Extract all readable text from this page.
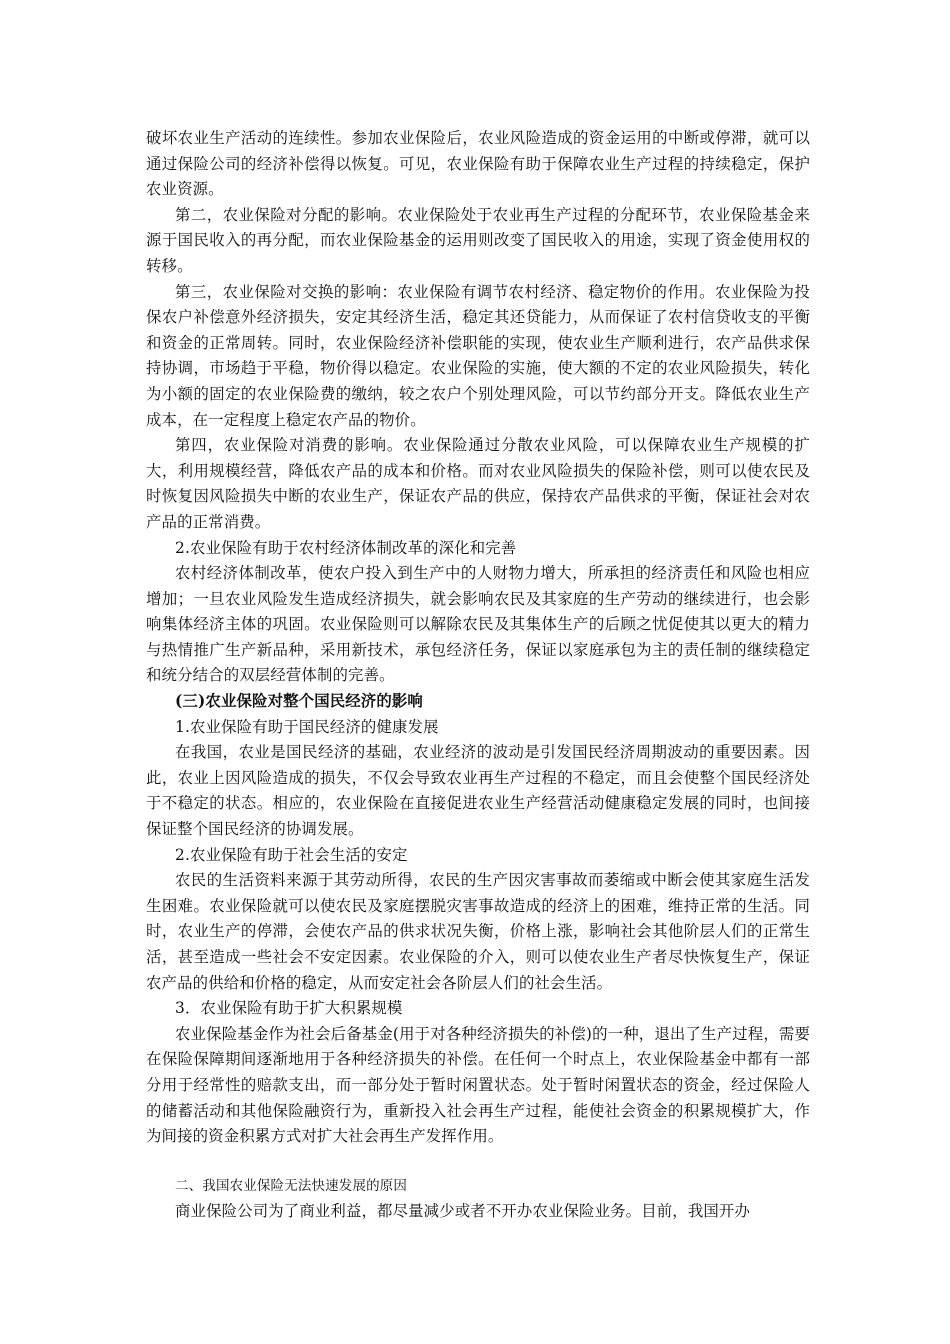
破坏农业生产活动的连续性。参加农业保险后，农业风险造成的资金运用的中断或停滞，就可以通过保险公司的经济补偿得以恢复。可见，农业保险有助于保障农业生产过程的持续稳定，保护农业资源。

第二，农业保险对分配的影响。农业保险处于农业再生产过程的分配环节，农业保险基金来源于国民收入的再分配，而农业保险基金的运用则改变了国民收入的用途，实现了资金使用权的转移。

第三，农业保险对交换的影响：农业保险有调节农村经济、稳定物价的作用。农业保险为投保农户补偿意外经济损失，安定其经济生活，稳定其还贷能力，从而保证了农村信贷收支的平衡和资金的正常周转。同时，农业保险经济补偿职能的实现，使农业生产顺利进行，农产品供求保持协调，市场趋于平稳，物价得以稳定。农业保险的实施，使大额的不定的农业风险损失，转化为小额的固定的农业保险费的缴纳，较之农户个别处理风险，可以节约部分开支。降低农业生产成本，在一定程度上稳定农产品的物价。

第四，农业保险对消费的影响。农业保险通过分散农业风险，可以保障农业生产规模的扩大，利用规模经营，降低农产品的成本和价格。而对农业风险损失的保险补偿，则可以使农民及时恢复因风险损失中断的农业生产，保证农产品的供应，保持农产品供求的平衡，保证社会对农产品的正常消费。

2.农业保险有助于农村经济体制改革的深化和完善

农村经济体制改革，使农户投入到生产中的人财物力增大，所承担的经济责任和风险也相应增加；一旦农业风险发生造成经济损失，就会影响农民及其家庭的生产劳动的继续进行，也会影响集体经济主体的巩固。农业保险则可以解除农民及其集体生产的后顾之忧促使其以更大的精力与热情推广生产新品种，采用新技术，承包经济任务，保证以家庭承包为主的责任制的继续稳定和统分结合的双层经营体制的完善。

(三)农业保险对整个国民经济的影响

1.农业保险有助于国民经济的健康发展

在我国，农业是国民经济的基础，农业经济的波动是引发国民经济周期波动的重要因素。因此，农业上因风险造成的损失，不仅会导致农业再生产过程的不稳定，而且会使整个国民经济处于不稳定的状态。相应的，农业保险在直接促进农业生产经营活动健康稳定发展的同时，也间接保证整个国民经济的协调发展。

2.农业保险有助于社会生活的安定

农民的生活资料来源于其劳动所得，农民的生产因灾害事故而萎缩或中断会使其家庭生活发生困难。农业保险就可以使农民及家庭摆脱灾害事故造成的经济上的困难，维持正常的生活。同时，农业生产的停滞，会使农产品的供求状况失衡，价格上涨，影响社会其他阶层人们的正常生活，甚至造成一些社会不安定因素。农业保险的介入，则可以使农业生产者尽快恢复生产，保证农产品的供给和价格的稳定，从而安定社会各阶层人们的社会生活。

3．农业保险有助于扩大积累规模

农业保险基金作为社会后备基金(用于对各种经济损失的补偿)的一种，退出了生产过程，需要在保险保障期间逐渐地用于各种经济损失的补偿。在任何一个时点上，农业保险基金中都有一部分用于经常性的赔款支出，而一部分处于暂时闲置状态。处于暂时闲置状态的资金，经过保险人的储蓄活动和其他保险融资行为，重新投入社会再生产过程，能使社会资金的积累规模扩大，作为间接的资金积累方式对扩大社会再生产发挥作用。

二、我国农业保险无法快速发展的原因

商业保险公司为了商业利益，都尽量减少或者不开办农业保险业务。目前，我国开办
